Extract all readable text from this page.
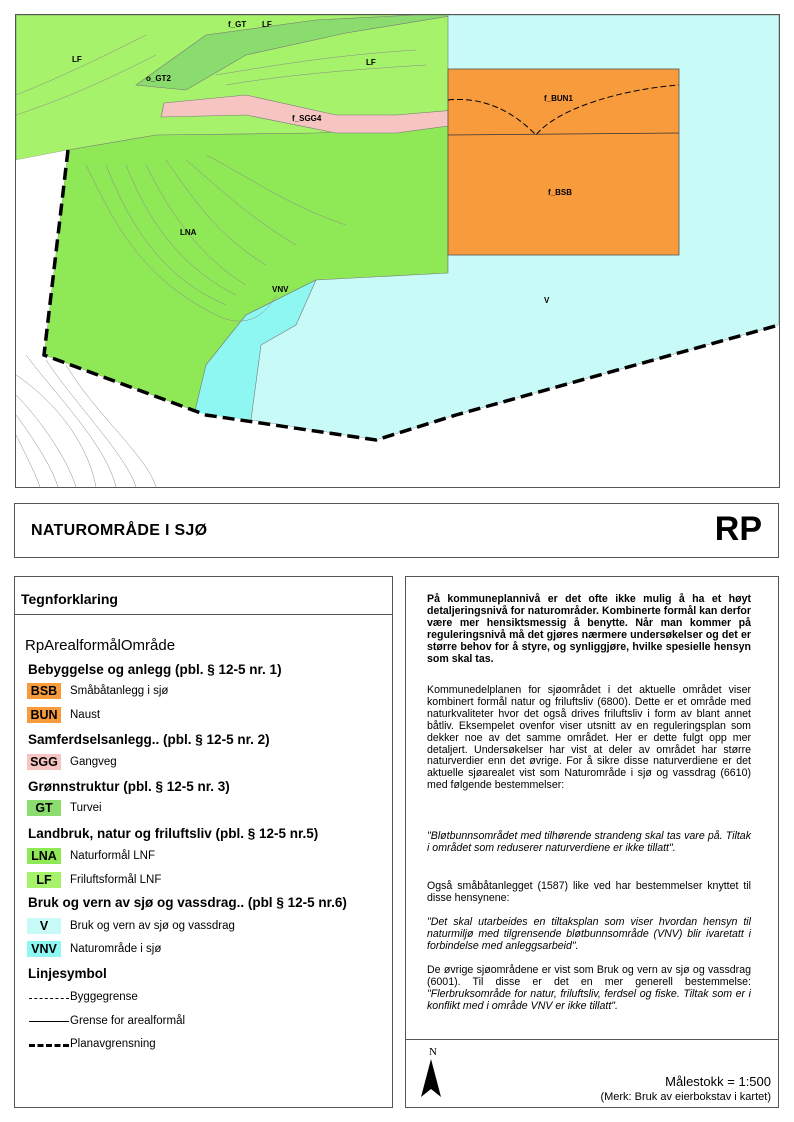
LF
o_GT2
f_GT LF
LF
f_SGG4
f_BUN1
f_BSB
LNA
VNV
V
NATUROMRÅDE I SJØ	RP
Tegnforklaring
RpArealformålOmråde
Bebyggelse og anlegg (pbl. § 12-5 nr. 1)
BSB	Småbåtanlegg i sjø
BUN	Naust
Samferdselsanlegg.. (pbl. § 12-5 nr. 2)
SGG Gangveg
Grønnstruktur (pbl. § 12-5 nr. 3)
GT	Turvei
Landbruk, natur og friluftsliv (pbl. § 12-5 nr.5)
LNA	Naturformål LNF
LF	Friluftsformål LNF
Bruk og vern av sjø og vassdrag.. (pbl § 12-5 nr.6)
V	Bruk og vern av sjø og vassdrag
VNV	Naturområde i sjø
Linjesymbol
Byggegrense
Grense for arealformål
Planavgrensning
På kommuneplannivå er det ofte ikke mulig å ha et høyt detaljeringsnivå for naturområder. Kombinerte formål kan derfor være mer hensiktsmessig å benytte. Når man kommer på reguleringsnivå må det gjøres nærmere undersøkelser og det er større behov for å styre, og synliggjøre, hvilke spesielle hensyn som skal tas.
Kommunedelplanen for sjøområdet i det aktuelle området viser kombinert formål natur og friluftsliv (6800). Dette er et område med naturkvaliteter hvor det også drives friluftsliv i form av blant annet båtliv. Eksempelet ovenfor viser utsnitt av en reguleringsplan som dekker noe av det samme området. Her er dette fulgt opp mer detaljert. Undersøkelser har vist at deler av området har større naturverdier enn det øvrige. For å sikre disse naturverdiene er det aktuelle sjøarealet vist som Naturområde i sjø og vassdrag (6610) med følgende bestemmelser:
"Bløtbunnsområdet med tilhørende strandeng skal tas vare på. Tiltak i området som reduserer naturverdiene er ikke tillatt".
Også småbåtanlegget (1587) like ved har bestemmelser knyttet til disse hensynene:
"Det skal utarbeides en tiltaksplan som viser hvordan hensyn til naturmiljø med tilgrensende bløtbunnsområde (VNV) blir ivaretatt i forbindelse med anleggsarbeid".
De øvrige sjøområdene er vist som Bruk og vern av sjø og vassdrag (6001). Til disse er det en mer generell bestemmelse: "Flerbruksområde for natur, friluftsliv, ferdsel og fiske. Tiltak som er i konflikt med i område VNV er ikke tillatt".
N
Målestokk = 1:500
(Merk: Bruk av eierbokstav i kartet)
